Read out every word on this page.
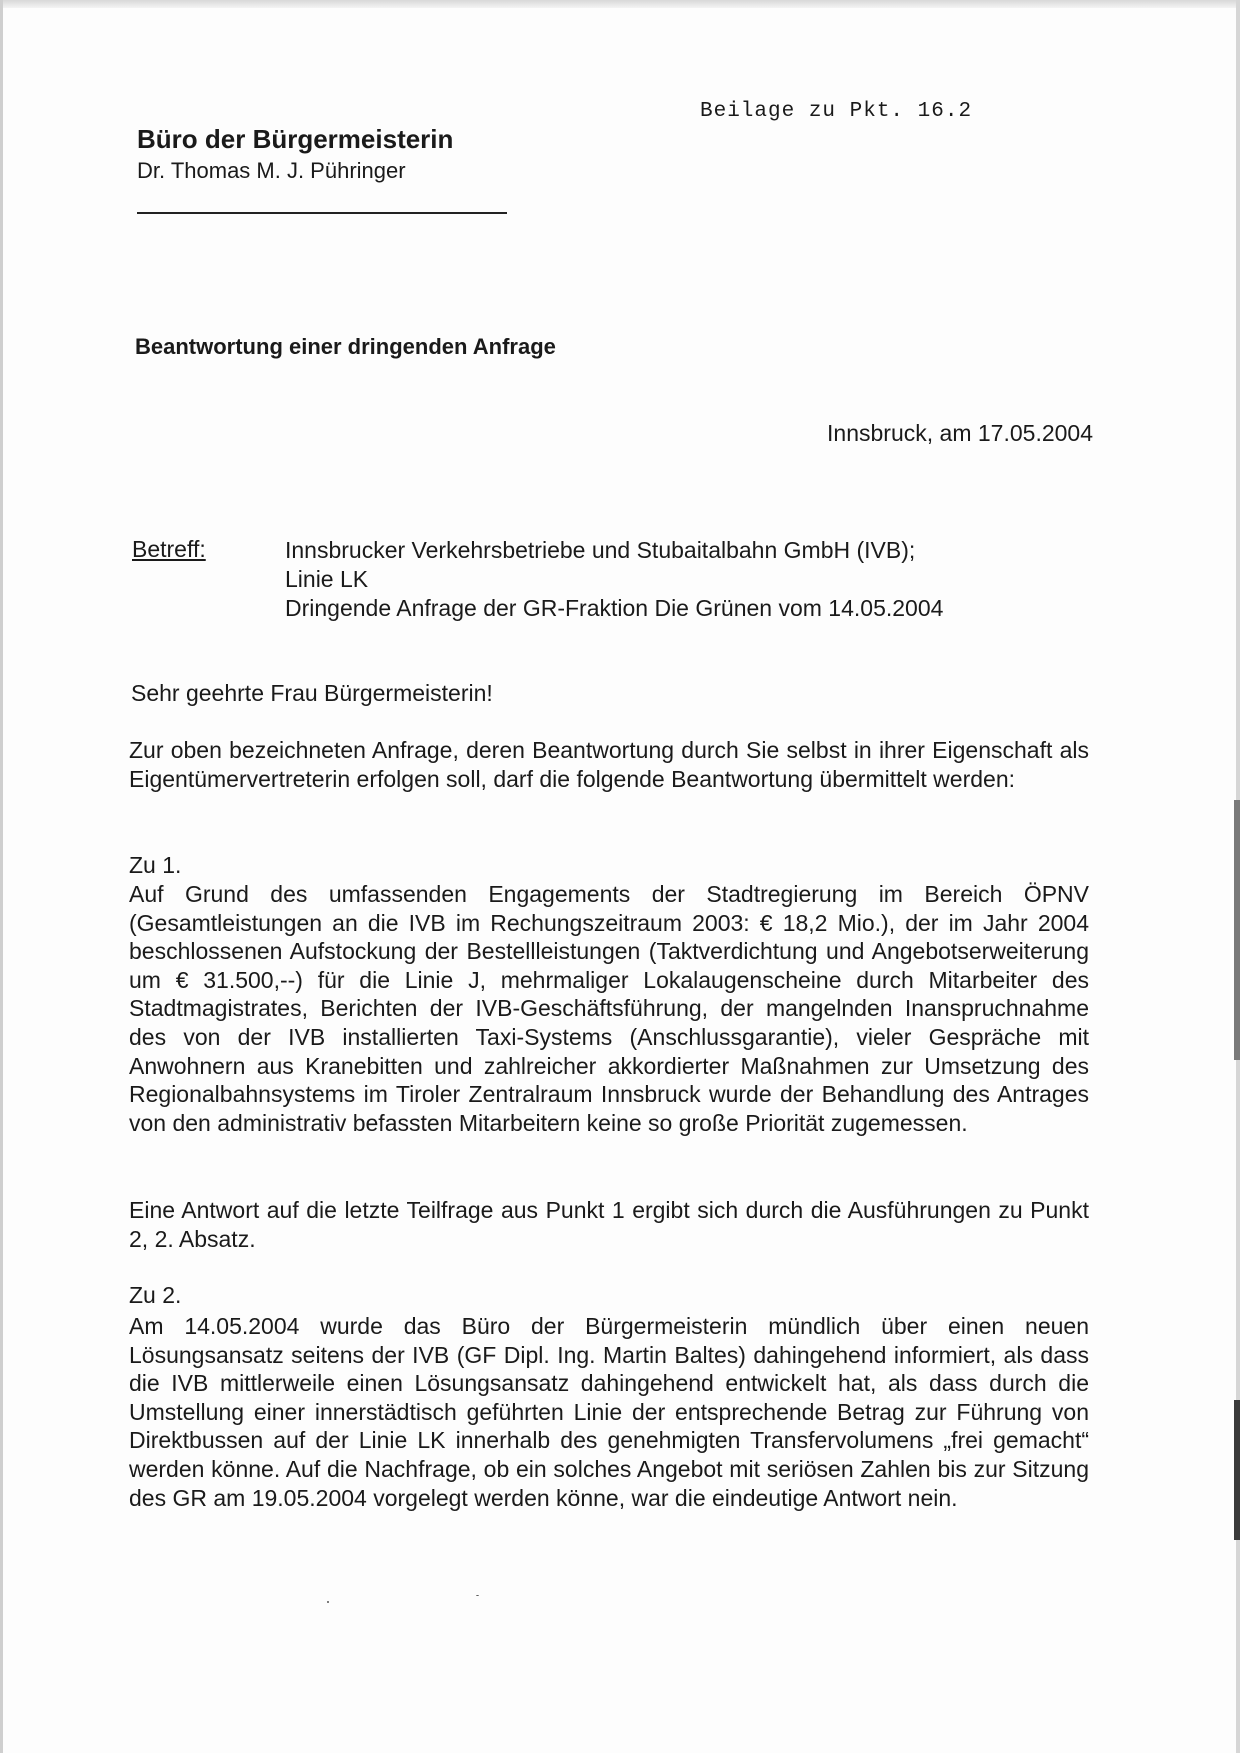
Beilage zu Pkt. 16.2
Büro der Bürgermeisterin
Dr. Thomas M. J. Pühringer
Beantwortung einer dringenden Anfrage
Innsbruck, am 17.05.2004
Betreff:	Innsbrucker Verkehrsbetriebe und Stubaitalbahn GmbH (IVB);
Linie LK
Dringende Anfrage der GR-Fraktion Die Grünen vom 14.05.2004
Sehr geehrte Frau Bürgermeisterin!
Zur oben bezeichneten Anfrage, deren Beantwortung durch Sie selbst in ihrer Eigenschaft als Eigentümervertreterin erfolgen soll, darf die folgende Beantwortung übermittelt werden:
Zu 1.
Auf Grund des umfassenden Engagements der Stadtregierung im Bereich ÖPNV (Gesamtleistungen an die IVB im Rechungszeitraum 2003: € 18,2 Mio.), der im Jahr 2004 beschlossenen Aufstockung der Bestellleistungen (Taktverdichtung und Angebotserweiterung um € 31.500,--) für die Linie J, mehrmaliger Lokalaugenscheine durch Mitarbeiter des Stadtmagistrates, Berichten der IVB-Geschäftsführung, der mangelnden Inanspruchnahme des von der IVB installierten Taxi-Systems (Anschlussgarantie), vieler Gespräche mit Anwohnern aus Kranebitten und zahlreicher akkordierter Maßnahmen zur Umsetzung des Regionalbahnsystems im Tiroler Zentralraum Innsbruck wurde der Behandlung des Antrages von den administrativ befassten Mitarbeitern keine so große Priorität zugemessen.
Eine Antwort auf die letzte Teilfrage aus Punkt 1 ergibt sich durch die Ausführungen zu Punkt 2, 2. Absatz.
Zu 2.
Am 14.05.2004 wurde das Büro der Bürgermeisterin mündlich über einen neuen Lösungsansatz seitens der IVB (GF Dipl. Ing. Martin Baltes) dahingehend informiert, als dass die IVB mittlerweile einen Lösungsansatz dahingehend entwickelt hat, als dass durch die Umstellung einer innerstädtisch geführten Linie der entsprechende Betrag zur Führung von Direktbussen auf der Linie LK innerhalb des genehmigten Transfervolumens „frei gemacht“ werden könne. Auf die Nachfrage, ob ein solches Angebot mit seriösen Zahlen bis zur Sitzung des GR am 19.05.2004 vorgelegt werden könne, war die eindeutige Antwort nein.
